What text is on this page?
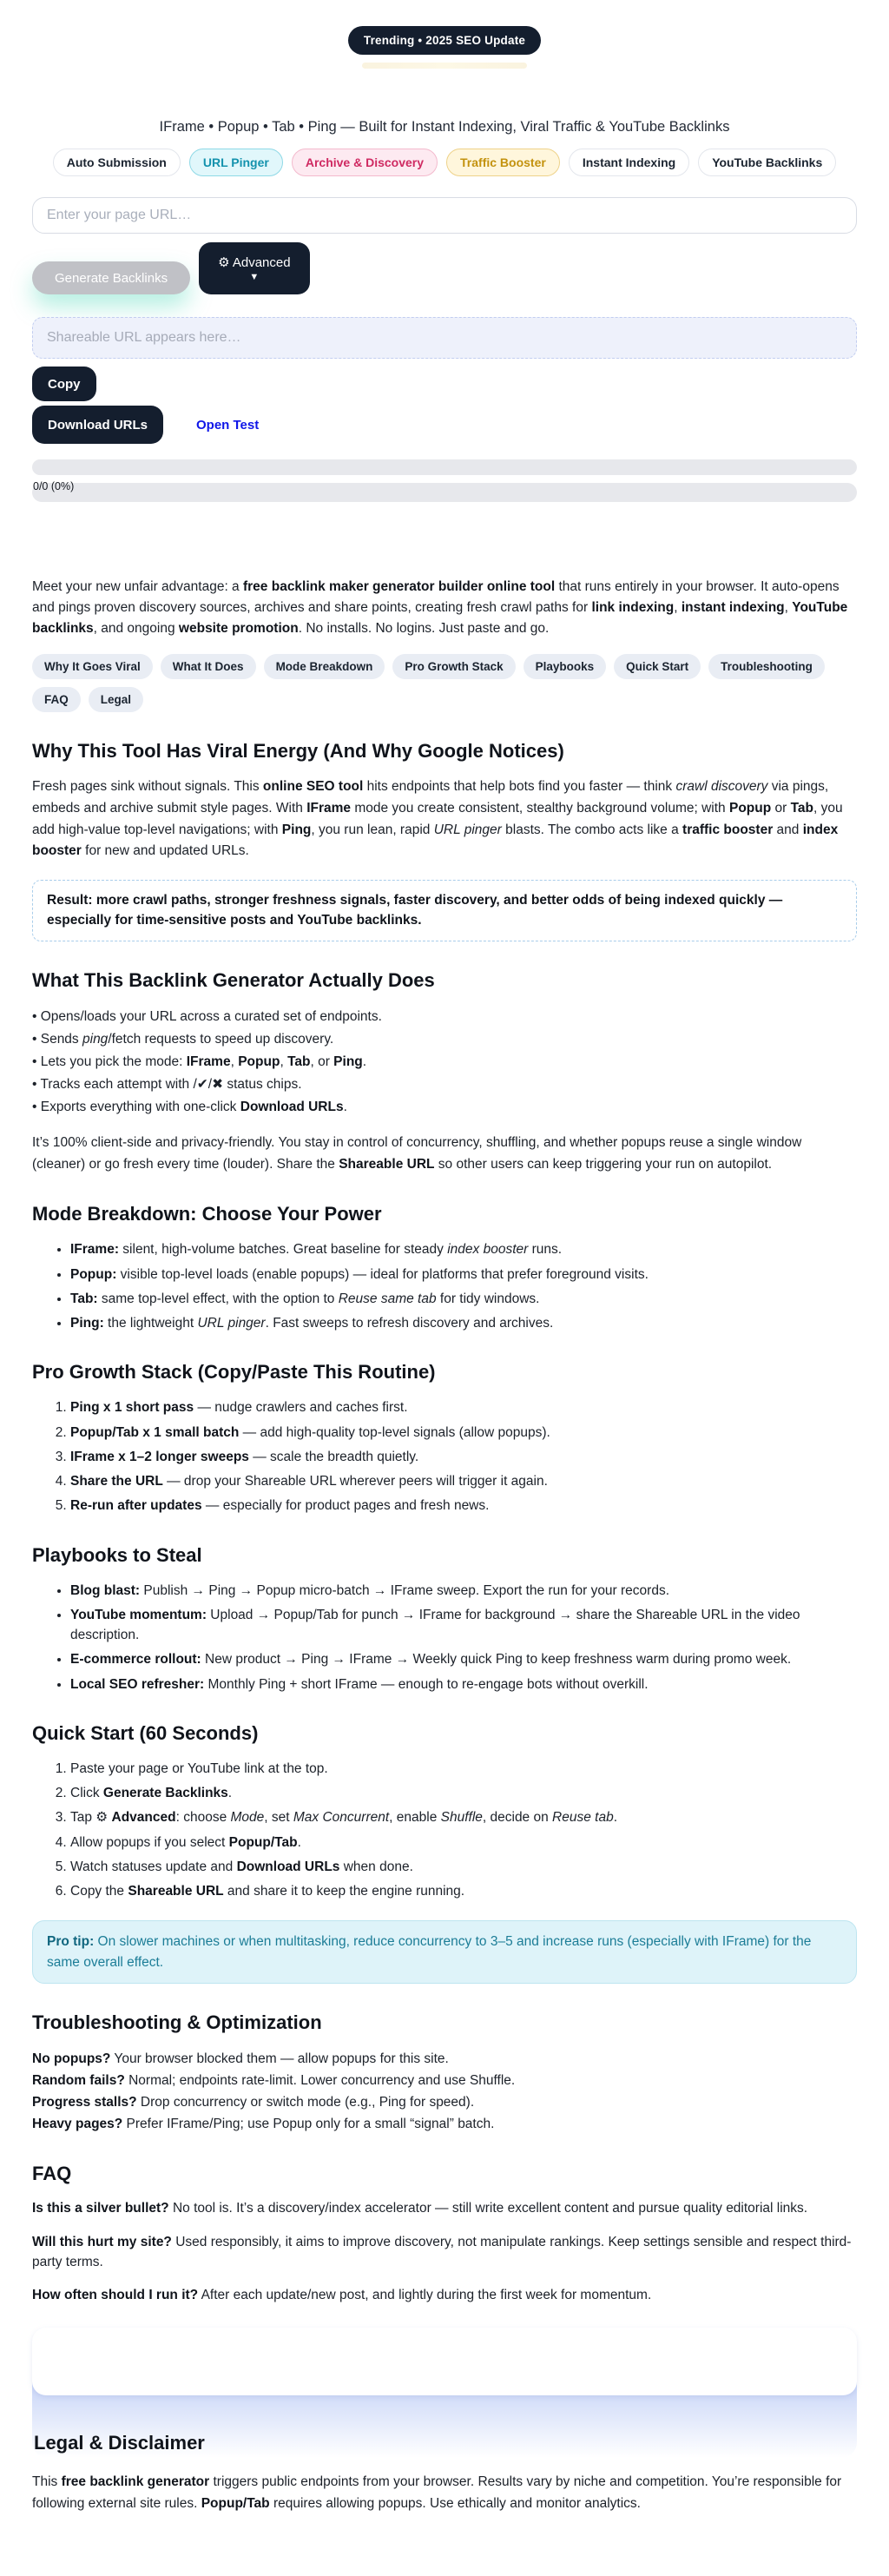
Trending • 2025 SEO Update
IFrame • Popup • Tab • Ping — Built for Instant Indexing, Viral Traffic & YouTube Backlinks
Auto Submission	URL Pinger	Archive & Discovery	Traffic Booster	Instant Indexing	YouTube Backlinks
Enter your page URL…
Generate Backlinks
⚙ Advanced
▼
Shareable URL appears here…
Copy
Download URLs	Open Test
0/0 (0%)

Meet your new unfair advantage: a free backlink maker generator builder online tool that runs entirely in your browser. It auto-opens and pings proven discovery sources, archives and share points, creating fresh crawl paths for link indexing, instant indexing, YouTube backlinks, and ongoing website promotion. No installs. No logins. Just paste and go.

Why It Goes Viral	What It Does	Mode Breakdown	Pro Growth Stack	Playbooks	Quick Start	Troubleshooting
FAQ	Legal
Why This Tool Has Viral Energy (And Why Google Notices)

Fresh pages sink without signals. This online SEO tool hits endpoints that help bots find you faster — think crawl discovery via pings, embeds and archive submit style pages. With IFrame mode you create consistent, stealthy background volume; with Popup or Tab, you add high-value top-level navigations; with Ping, you run lean, rapid URL pinger blasts. The combo acts like a traffic booster and index booster for new and updated URLs.

Result: more crawl paths, stronger freshness signals, faster discovery, and better odds of being indexed quickly — especially for time-sensitive posts and YouTube backlinks.
What This Backlink Generator Actually Does
• Opens/loads your URL across a curated set of endpoints.
• Sends ping/fetch requests to speed up discovery.
• Lets you pick the mode: IFrame, Popup, Tab, or Ping.
• Tracks each attempt with /✔/✖ status chips.
• Exports everything with one-click Download URLs.

It’s 100% client-side and privacy-friendly. You stay in control of concurrency, shuffling, and whether popups reuse a single window (cleaner) or go fresh every time (louder). Share the Shareable URL so other users can keep triggering your run on autopilot.

Mode Breakdown: Choose Your Power
• IFrame: silent, high-volume batches. Great baseline for steady index booster runs.
• Popup: visible top-level loads (enable popups) — ideal for platforms that prefer foreground visits.
• Tab: same top-level effect, with the option to Reuse same tab for tidy windows.
• Ping: the lightweight URL pinger. Fast sweeps to refresh discovery and archives.
Pro Growth Stack (Copy/Paste This Routine)
1. Ping x 1 short pass — nudge crawlers and caches first.
2. Popup/Tab x 1 small batch — add high-quality top-level signals (allow popups).
3. IFrame x 1–2 longer sweeps — scale the breadth quietly.
4. Share the URL — drop your Shareable URL wherever peers will trigger it again.
5. Re-run after updates — especially for product pages and fresh news.
Playbooks to Steal
• Blog blast: Publish → Ping → Popup micro-batch → IFrame sweep. Export the run for your records.
• YouTube momentum: Upload → Popup/Tab for punch → IFrame for background → share the Shareable URL in the video description.
• E-commerce rollout: New product → Ping → IFrame → Weekly quick Ping to keep freshness warm during promo week.
• Local SEO refresher: Monthly Ping + short IFrame — enough to re-engage bots without overkill.
Quick Start (60 Seconds)
1. Paste your page or YouTube link at the top.
2. Click Generate Backlinks.
3. Tap ⚙ Advanced: choose Mode, set Max Concurrent, enable Shuffle, decide on Reuse tab.
4. Allow popups if you select Popup/Tab.
5. Watch statuses update and Download URLs when done.
6. Copy the Shareable URL and share it to keep the engine running.
Pro tip: On slower machines or when multitasking, reduce concurrency to 3–5 and increase runs (especially with IFrame) for the same overall effect.
Troubleshooting & Optimization
No popups? Your browser blocked them — allow popups for this site.
Random fails? Normal; endpoints rate-limit. Lower concurrency and use Shuffle.
Progress stalls? Drop concurrency or switch mode (e.g., Ping for speed).
Heavy pages? Prefer IFrame/Ping; use Popup only for a small “signal” batch.
FAQ

Is this a silver bullet? No tool is. It’s a discovery/index accelerator — still write excellent content and pursue quality editorial links.

Will this hurt my site? Used responsibly, it aims to improve discovery, not manipulate rankings. Keep settings sensible and respect third-party terms.

How often should I run it? After each update/new post, and lightly during the first week for momentum.

Legal & Disclaimer

This free backlink generator triggers public endpoints from your browser. Results vary by niche and competition. You’re responsible for following external site rules. Popup/Tab requires allowing popups. Use ethically and monitor analytics.
